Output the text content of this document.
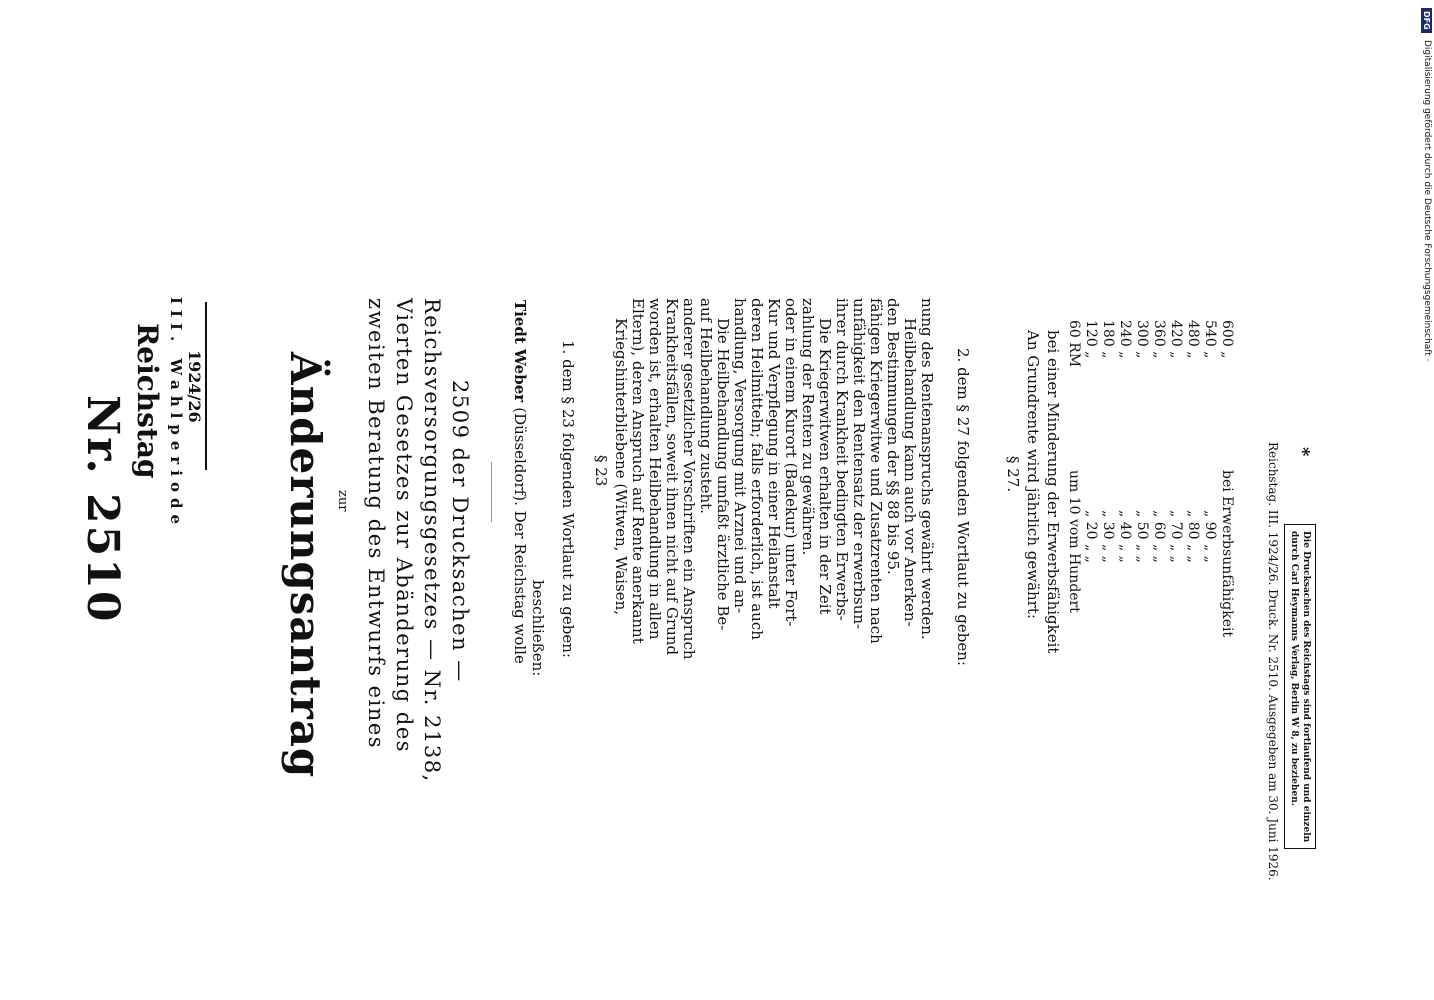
Nr. 2510 Reichstag III. Wahlperiode 1924/26 Änderungsantrag zur zweiten Beratung des Entwurfs eines Vierten Gesetzes zur Abänderung des Reichsversorgungsgesetzes — Nr. 2138, 2509 der Drucksachen —
Tiedt Weber (Düsseldorf). Der Reichstag wolle beschließen: 1. dem § 23 folgenden Wortlaut zu geben: § 23 Kriegshinterbliebene (Witwen, Waisen, Eltern), deren Anspruch auf Rente anerkannt worden ist, erhalten Heilbehandlung in allen Krankheitsfällen, soweit ihnen nicht auf Grund anderer gesetzlicher Vorschriften ein Anspruch auf Heilbehandlung zusteht. Die Heilbehandlung umfaßt ärztliche Be- handlung, Versorgung mit Arznei und an- deren Heilmitteln; falls erforderlich, ist auch Kur und Verpflegung in einer Heilanstalt oder in einem Kurort (Badekur) unter Fort- zahlung der Renten zu gewähren. Die Kriegerwitwen erhalten in der Zeit ihrer durch Krankheit bedingten Erwerbs- unfähigkeit den Rentensatz der erwerbsun- fähigen Kriegerwitwe und Zusatzrenten nach den Bestimmungen der §§ 88 bis 95. Heilbehandlung kann auch vor Anerken- nung des Rentenanspruchs gewährt werden. 2. dem § 27 folgenden Wortlaut zu geben: § 27. An Grundrente wird jährlich gewährt: bei einer Minderung der Erwerbsfähigkeit um 10 vom Hundert
60 RM
„ 20 „ „
120 „
„ 30 „ „
180 „
„ 40 „ „
240 „
„ 50 „ „
300 „
„ 60 „ „
360 „
„ 70 „ „
420 „
„ 80 „ „
480 „
„ 90 „ „
540 „
bei Erwerbsunfähigkeit
600 „
Reichstag. III. 1924/26. Druck. Nr. 2510. Ausgegeben am 30. Juni 1926. Die Drucksachen des Reichstags sind fortlaufend und einzeln
durch Carl Heymanns Verlag, Berlin W 8, zu beziehen.
*
DFG
Digitalisierung gefördert durch die Deutsche Forschungsgemeinschaft ·
